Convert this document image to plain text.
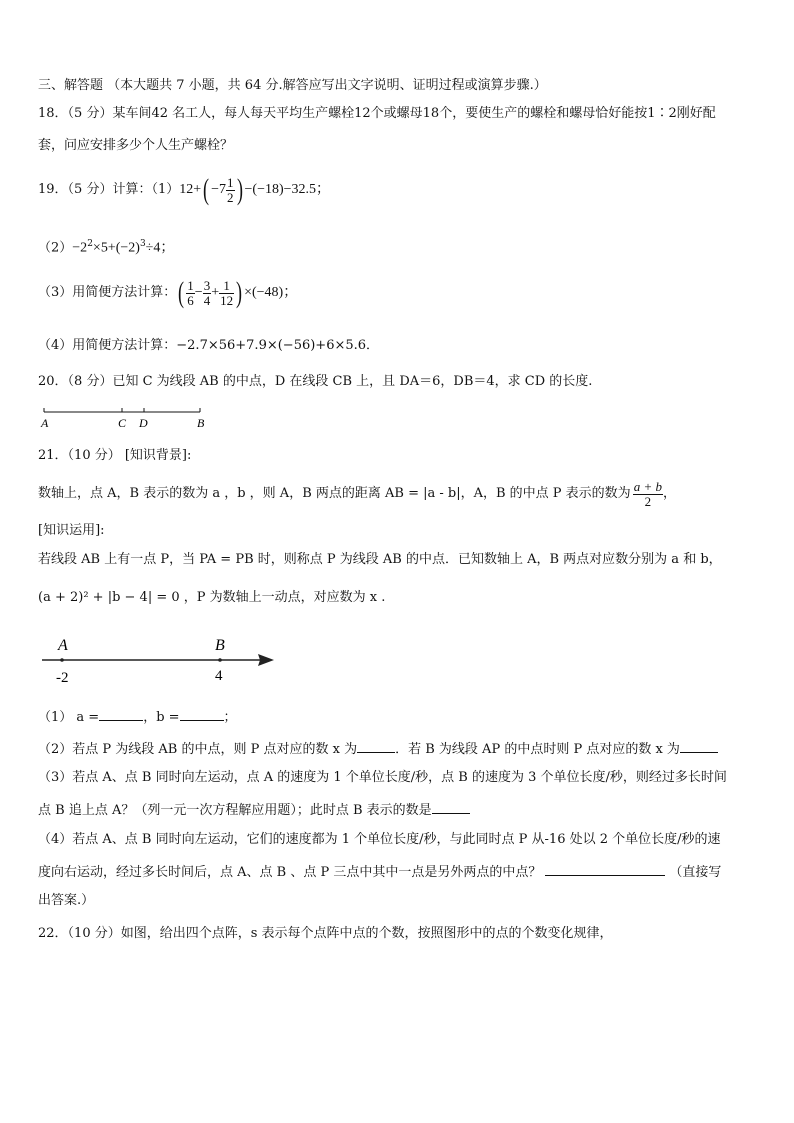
三、解答题 （本大题共 7 小题，共 64 分.解答应写出文字说明、证明过程或演算步骤.）
18．（5 分）某车间42 名工人，每人每天平均生产螺栓12个或螺母18个，要使生产的螺栓和螺母恰好能按1∶2刚好配
套，问应安排多少个人生产螺栓？
19．（5 分）计算：（1） 12+ ( $-7 \frac{1}{2}$ ) −(−18)−32.5；
$(2)-2^2\times 5+(-2)^3\div 4$；
（3）用简便方法计算： ( $\frac{1}{6} - \frac{3}{4} + \frac{1}{12}$ ) ×(−48)；
（4）用简便方法计算：−2.7×56+7.9×(−56)+6×5.6．
20．（8 分）已知 C 为线段 AB 的中点，D 在线段 CB 上，且 DA＝6，DB＝4，求 CD 的长度.
A	C D	B
21．（10 分） [知识背景]:
数轴上，点 A，B 表示的数为 a ，b ，则 A，B 两点的距离 AB = |a - b|，A，B 的中点 P 表示的数为 $\frac{a + b}{2}$ ，
[知识运用]:
若线段 AB 上有一点 P，当 PA = PB 时，则称点 P 为线段 AB 的中点．已知数轴上 A，B 两点对应数分别为 a 和 b，
(a + 2)² + |b − 4| = 0 ，P 为数轴上一动点，对应数为 x .
A
-2
B
4
（1） a =	，b =	；
（2）若点 P 为线段 AB 的中点，则 P 点对应的数 x 为	．若 B 为线段 AP 的中点时则 P 点对应的数 x 为
（3）若点 A、点 B 同时向左运动，点 A 的速度为 1 个单位长度/秒，点 B 的速度为 3 个单位长度/秒，则经过多长时间
点 B 追上点 A？（列一元一次方程解应用题）；此时点 B 表示的数是
（4）若点 A、点 B 同时向左运动，它们的速度都为 1 个单位长度/秒，与此同时点 P 从-16 处以 2 个单位长度/秒的速
度向右运动，经过多长时间后，点 A、点 B 、点 P 三点中其中一点是另外两点的中点？	（直接写
出答案.）
22．（10 分）如图，给出四个点阵，s 表示每个点阵中点的个数，按照图形中的点的个数变化规律，
